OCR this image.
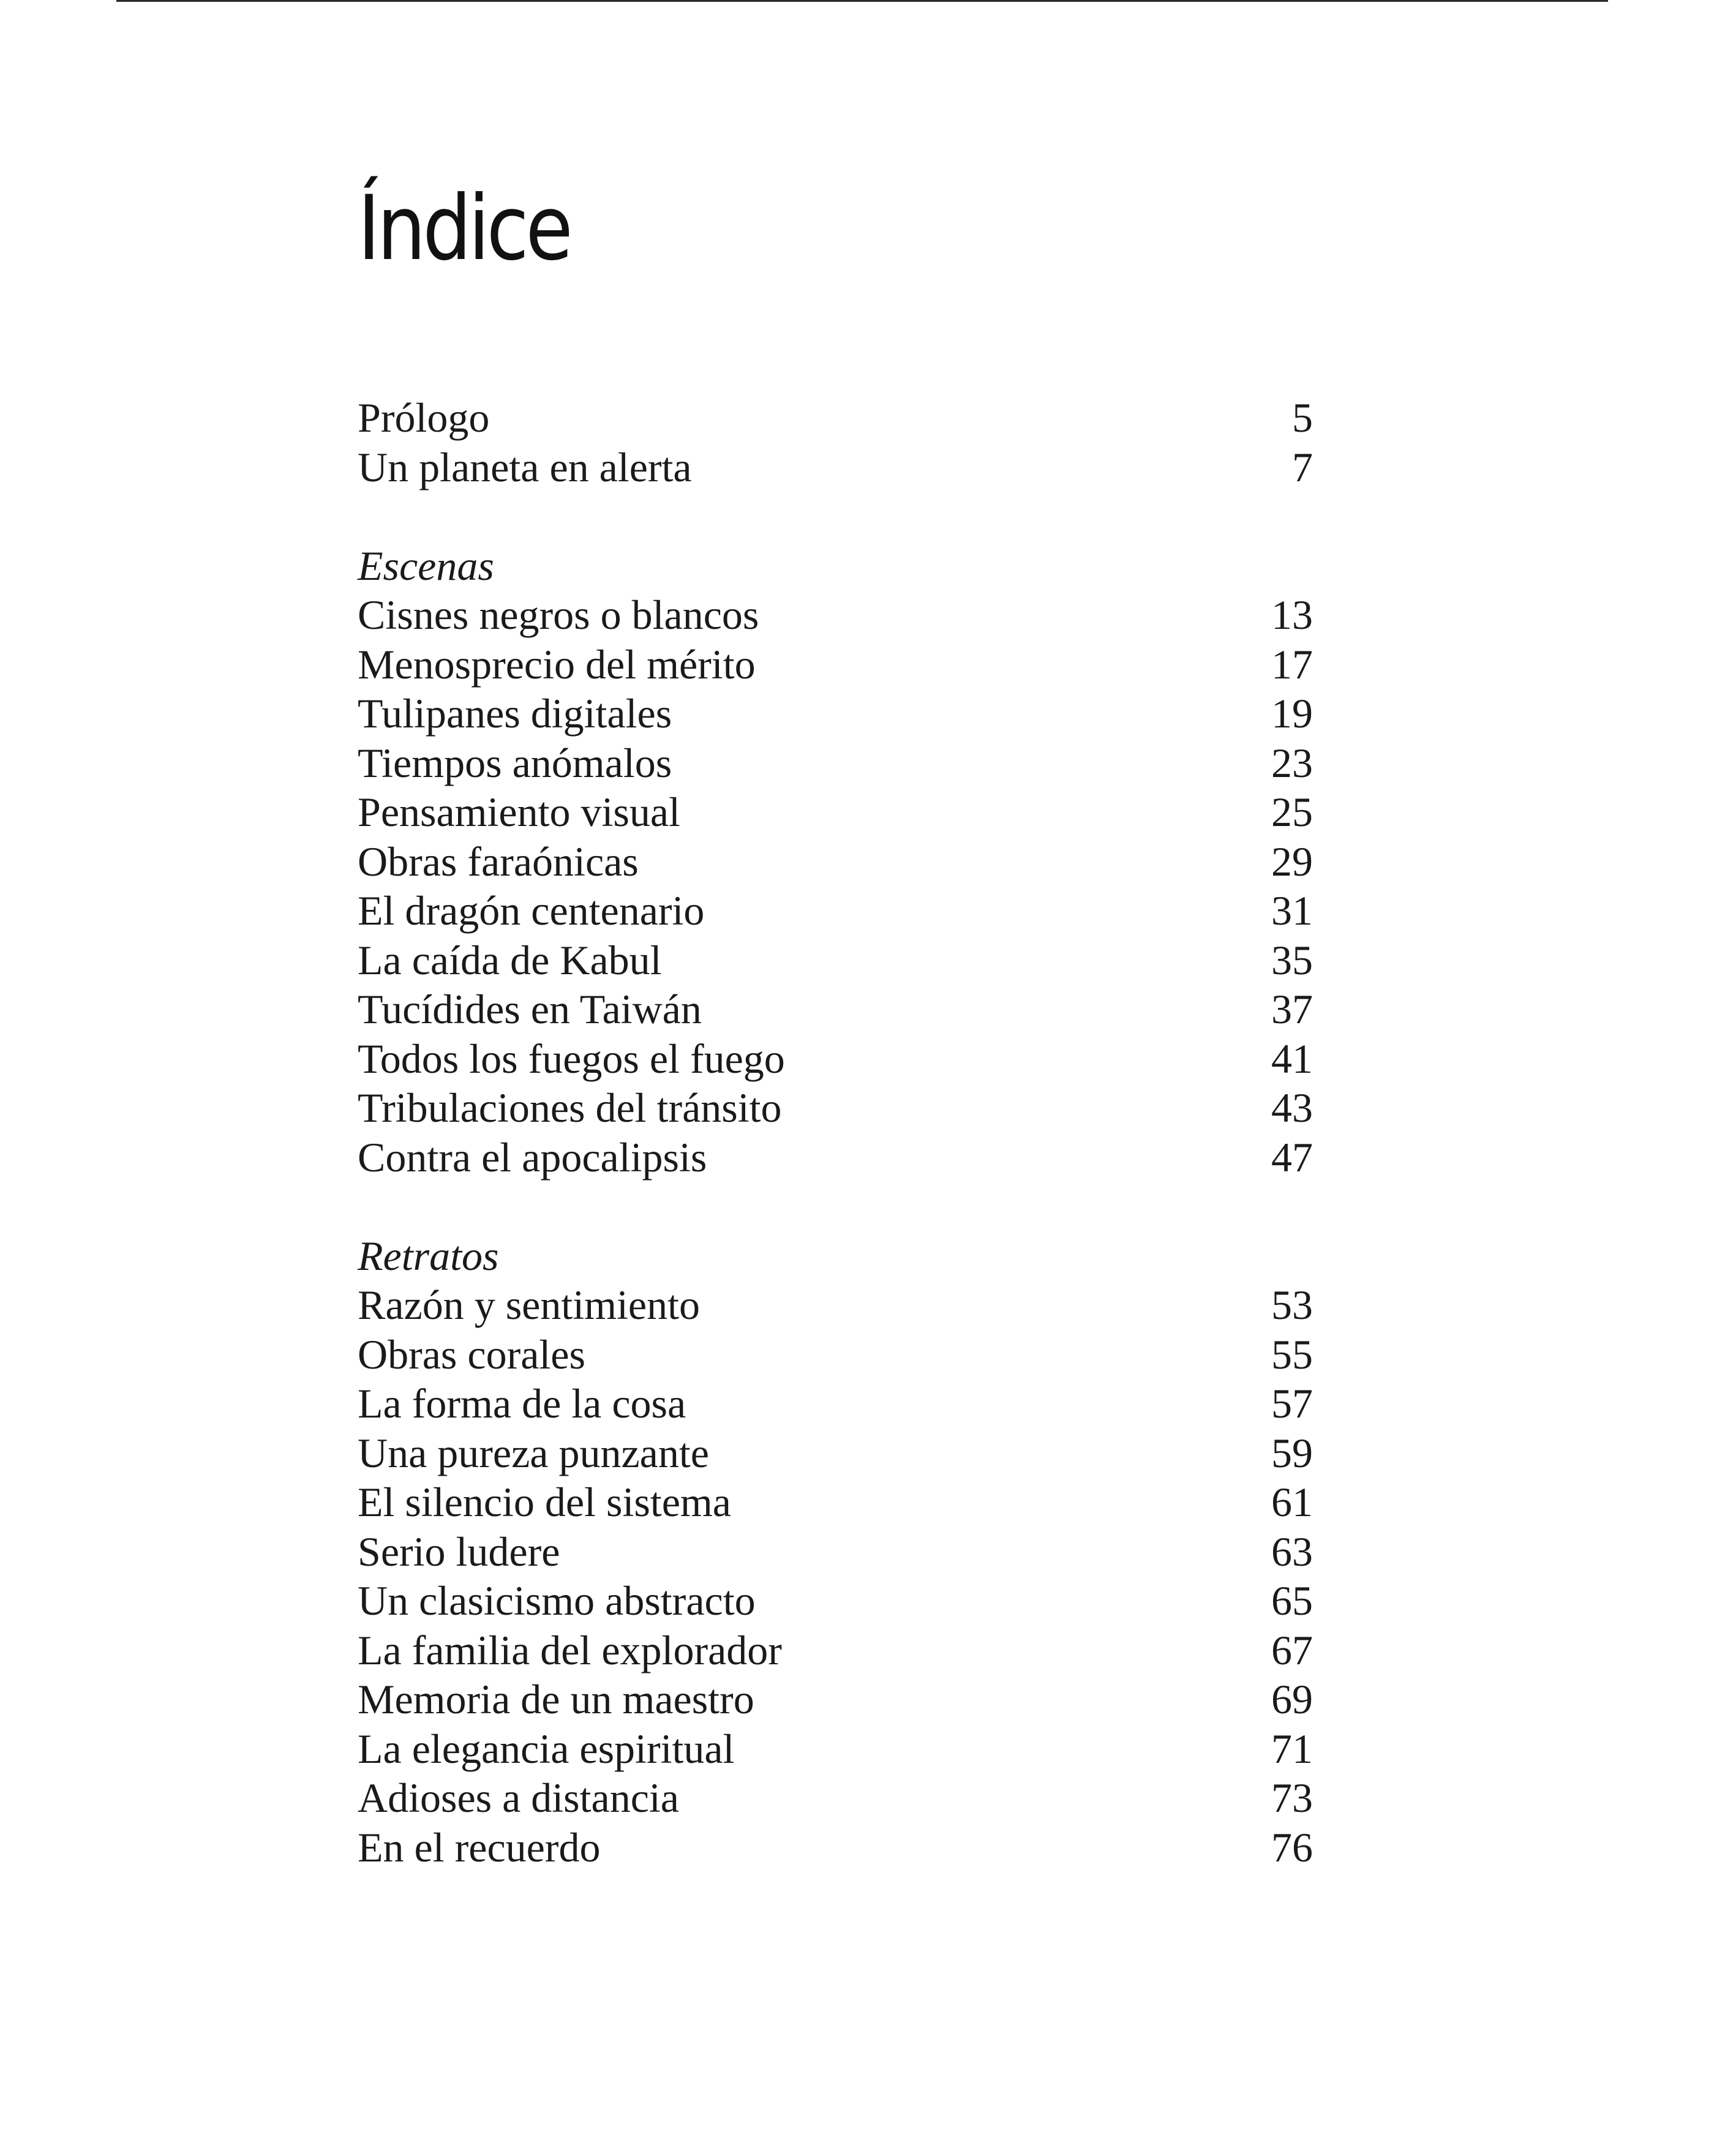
Índice
Prólogo	5
Un planeta en alerta	7
Escenas
Cisnes negros o blancos	13
Menosprecio del mérito	17
Tulipanes digitales	19
Tiempos anómalos	23
Pensamiento visual	25
Obras faraónicas	29
El dragón centenario	31
La caída de Kabul	35
Tucídides en Taiwán	37
Todos los fuegos el fuego	41
Tribulaciones del tránsito	43
Contra el apocalipsis	47
Retratos
Razón y sentimiento	53
Obras corales	55
La forma de la cosa	57
Una pureza punzante	59
El silencio del sistema	61
Serio ludere	63
Un clasicismo abstracto	65
La familia del explorador	67
Memoria de un maestro	69
La elegancia espiritual	71
Adioses a distancia	73
En el recuerdo	76
